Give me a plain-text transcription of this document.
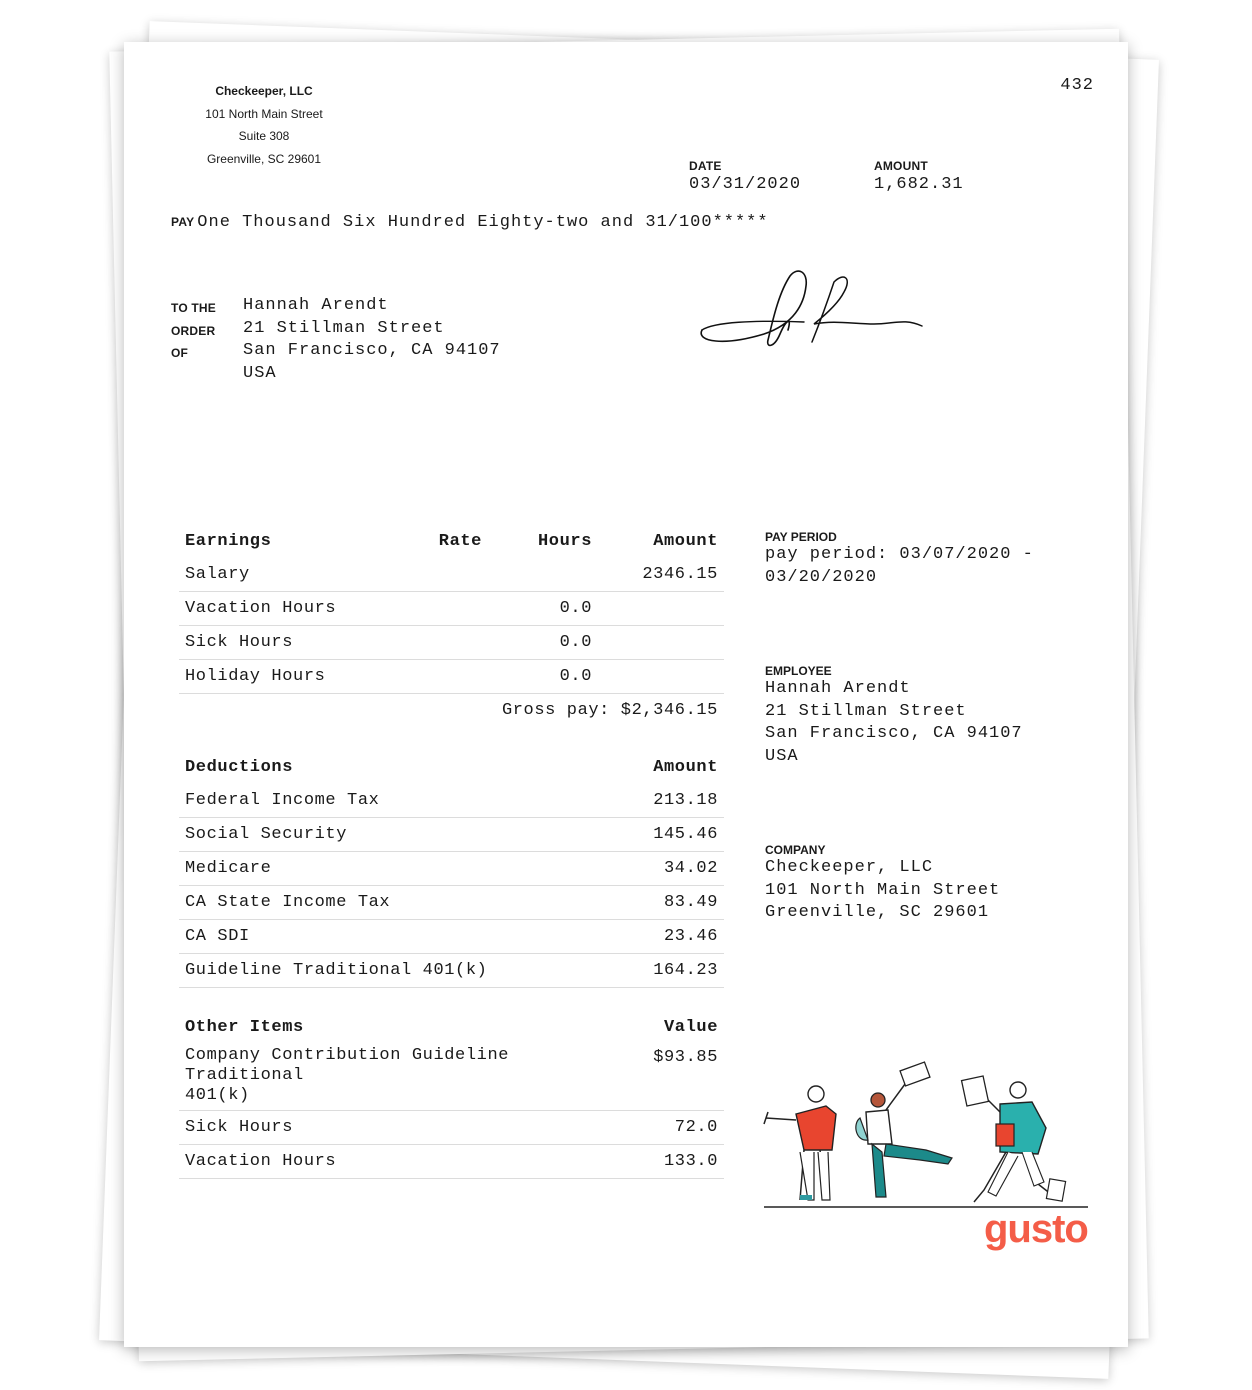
Checkeeper, LLC
101 North Main Street
Suite 308
Greenville, SC 29601
432
DATE
03/31/2020
AMOUNT
1,682.31
PAY One Thousand Six Hundred Eighty-two and 31/100*****
TO THE
ORDER
OF
Hannah Arendt
21 Stillman Street
San Francisco, CA 94107
USA
Earnings	Rate	Hours	Amount
Salary			2346.15
Vacation Hours		0.0	
Sick Hours		0.0	
Holiday Hours		0.0	
Gross pay: $2,346.15			
Deductions	Amount
Federal Income Tax	213.18
Social Security	145.46
Medicare	34.02
CA State Income Tax	83.49
CA SDI	23.46
Guideline Traditional 401(k)	164.23
Other Items	Value

Company Contribution Guideline Traditional
401(k)	$93.85
Sick Hours	72.0
Vacation Hours	133.0
PAY PERIOD
pay period: 03/07/2020 -
03/20/2020
EMPLOYEE
Hannah Arendt
21 Stillman Street
San Francisco, CA 94107
USA
COMPANY
Checkeeper, LLC
101 North Main Street
Greenville, SC 29601
gusto
